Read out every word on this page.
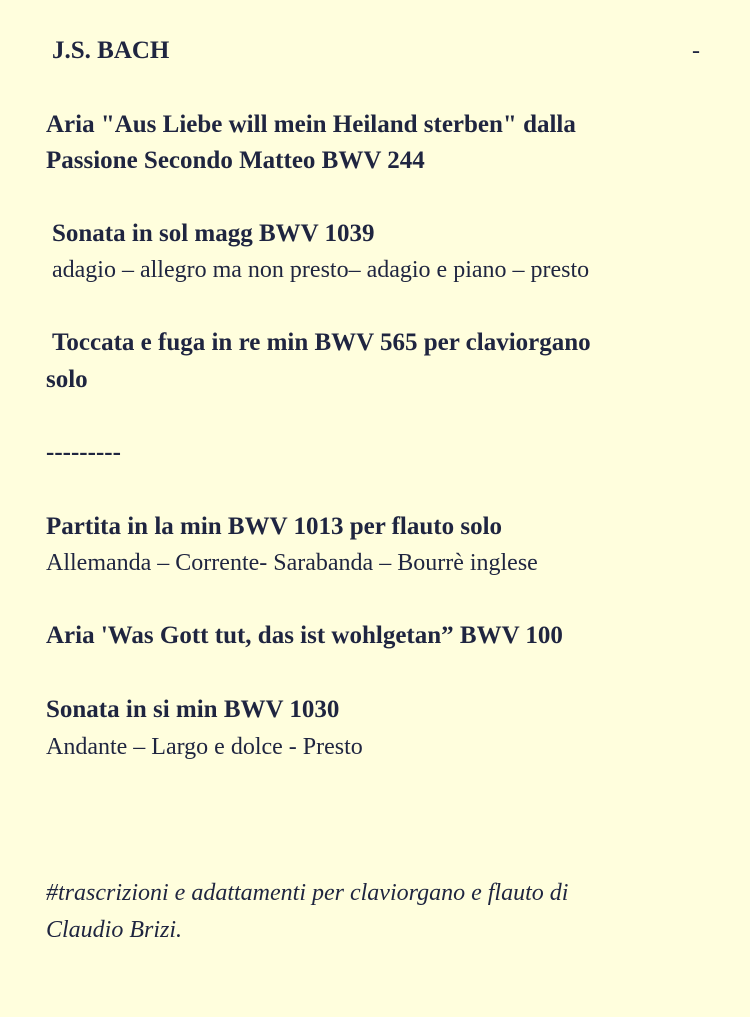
J.S. BACH	-
Aria "Aus Liebe will mein Heiland sterben" dalla
Passione Secondo Matteo BWV 244
Sonata in sol magg BWV 1039
adagio – allegro ma non presto– adagio e piano – presto
Toccata e fuga in re min BWV 565 per claviorgano
solo
---------
Partita in la min BWV 1013 per flauto solo
Allemanda – Corrente- Sarabanda – Bourrè inglese
Aria 'Was Gott tut, das ist wohlgetan” BWV 100
Sonata in si min BWV 1030
Andante – Largo e dolce - Presto
#trascrizioni e adattamenti per claviorgano e flauto di
Claudio Brizi.
